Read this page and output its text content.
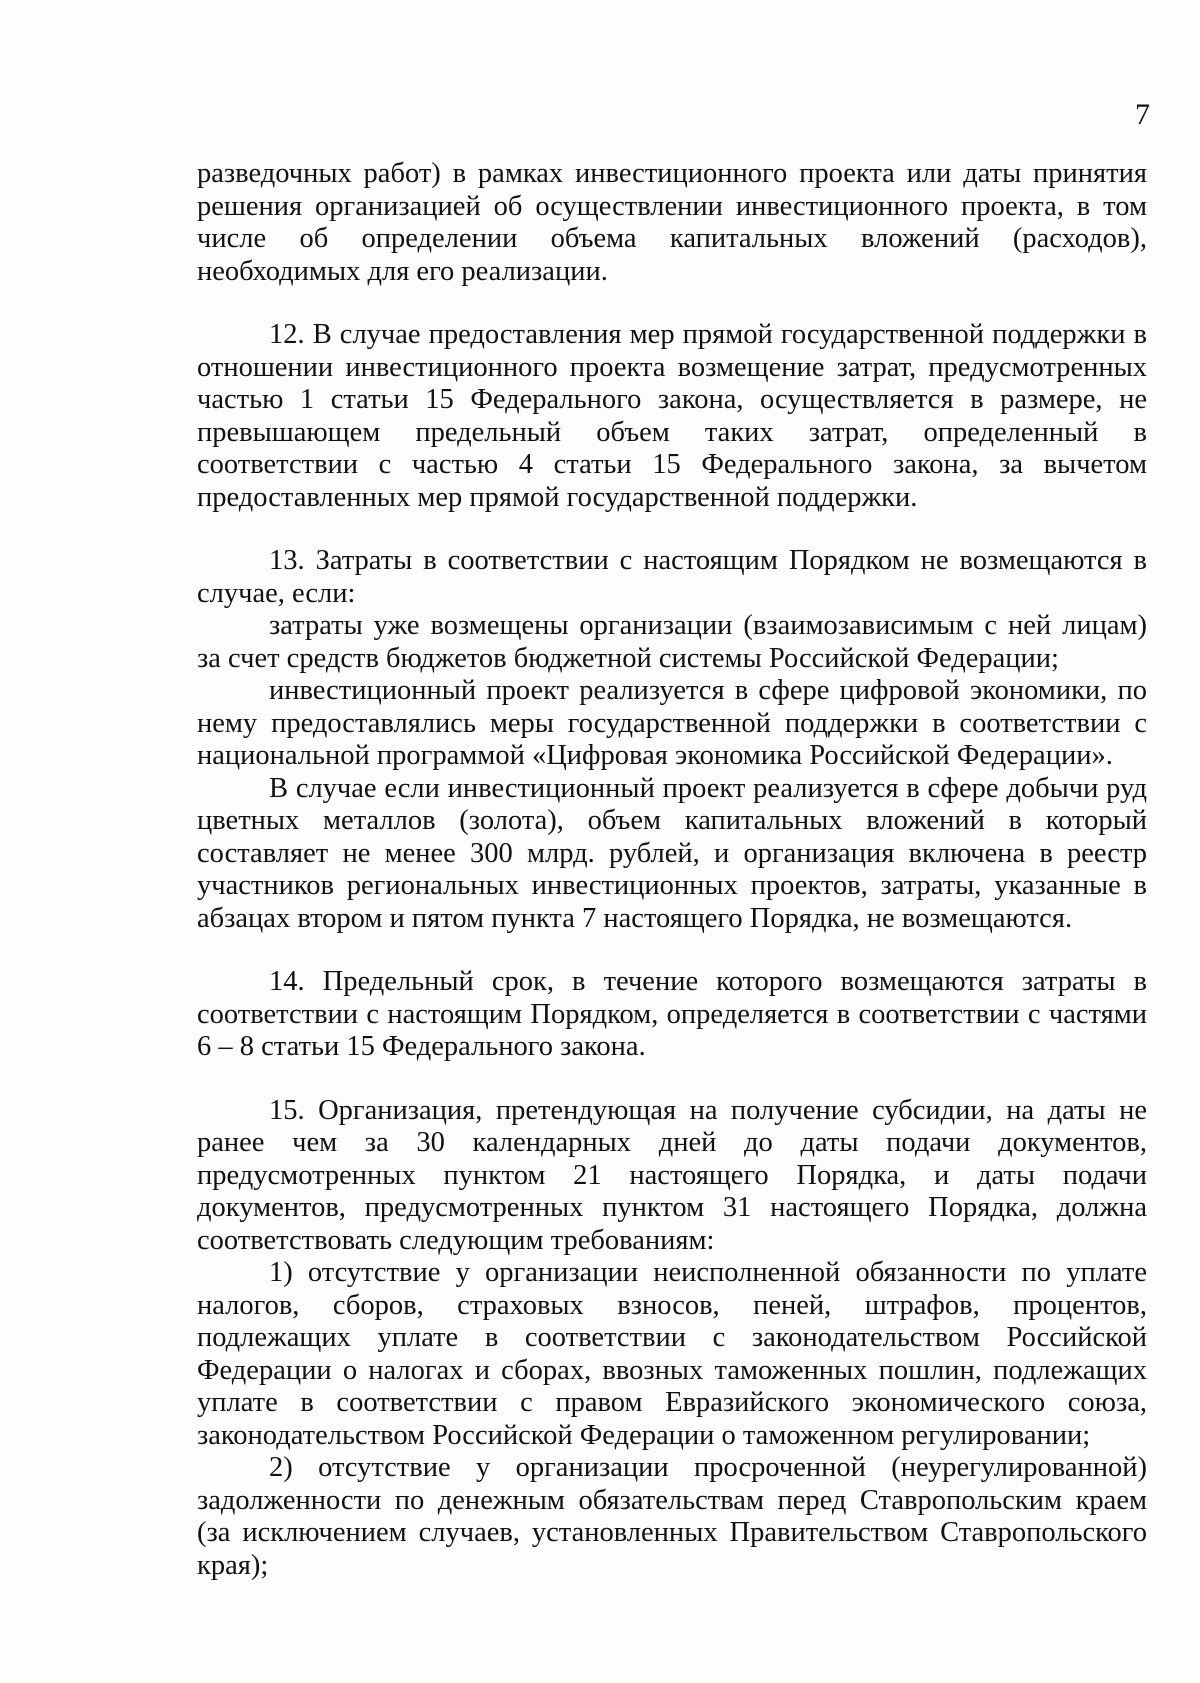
7

разведочных работ) в рамках инвестиционного проекта или даты принятия решения организацией об осуществлении инвестиционного проекта, в том числе об определении объема капитальных вложений (расходов), необходимых для его реализации.

12. В случае предоставления мер прямой государственной поддержки в отношении инвестиционного проекта возмещение затрат, предусмотренных частью 1 статьи 15 Федерального закона, осуществляется в размере, не превышающем предельный объем таких затрат, определенный в соответствии с частью 4 статьи 15 Федерального закона, за вычетом предоставленных мер прямой государственной поддержки.

13. Затраты в соответствии с настоящим Порядком не возмещаются в случае, если:

затраты уже возмещены организации (взаимозависимым с ней лицам) за счет средств бюджетов бюджетной системы Российской Федерации;

инвестиционный проект реализуется в сфере цифровой экономики, по нему предоставлялись меры государственной поддержки в соответствии с национальной программой «Цифровая экономика Российской Федерации».

В случае если инвестиционный проект реализуется в сфере добычи руд цветных металлов (золота), объем капитальных вложений в который составляет не менее 300 млрд. рублей, и организация включена в реестр участников региональных инвестиционных проектов, затраты, указанные в абзацах втором и пятом пункта 7 настоящего Порядка, не возмещаются.

14. Предельный срок, в течение которого возмещаются затраты в соответствии с настоящим Порядком, определяется в соответствии с частями 6 – 8 статьи 15 Федерального закона.

15. Организация, претендующая на получение субсидии, на даты не ранее чем за 30 календарных дней до даты подачи документов, предусмотренных пунктом 21 настоящего Порядка, и даты подачи документов, предусмотренных пунктом 31 настоящего Порядка, должна соответствовать следующим требованиям:

1) отсутствие у организации неисполненной обязанности по уплате налогов, сборов, страховых взносов, пеней, штрафов, процентов, подлежащих уплате в соответствии с законодательством Российской Федерации о налогах и сборах, ввозных таможенных пошлин, подлежащих уплате в соответствии с правом Евразийского экономического союза, законодательством Российской Федерации о таможенном регулировании;

2) отсутствие у организации просроченной (неурегулированной) задолженности по денежным обязательствам перед Ставропольским краем (за исключением случаев, установленных Правительством Ставропольского края);
